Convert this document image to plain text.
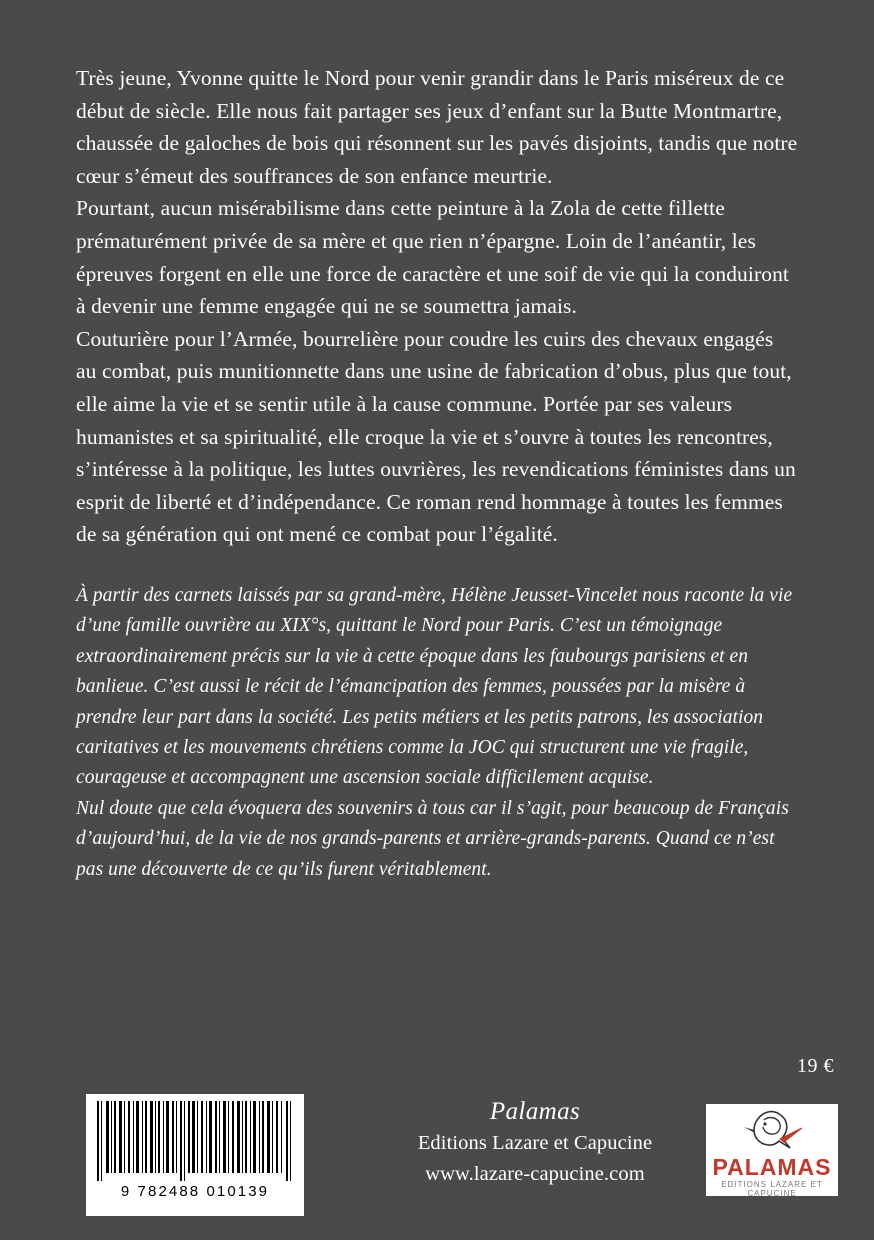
Très jeune, Yvonne quitte le Nord pour venir grandir dans le Paris miséreux de ce début de siècle. Elle nous fait partager ses jeux d’enfant sur la Butte Montmartre, chaussée de galoches de bois qui résonnent sur les pavés disjoints, tandis que notre cœur s’émeut des souffrances de son enfance meurtrie.

Pourtant, aucun misérabilisme dans cette peinture à la Zola de cette fillette prématurément privée de sa mère et que rien n’épargne. Loin de l’anéantir, les épreuves forgent en elle une force de caractère et une soif de vie qui la conduiront à devenir une femme engagée qui ne se soumettra jamais.

Couturière pour l’Armée, bourrelière pour coudre les cuirs des chevaux engagés au combat, puis munitionnette dans une usine de fabrication d’obus, plus que tout, elle aime la vie et se sentir utile à la cause commune. Portée par ses valeurs humanistes et sa spiritualité, elle croque la vie et s’ouvre à toutes les rencontres, s’intéresse à la politique, les luttes ouvrières, les revendications féministes dans un esprit de liberté et d’indépendance. Ce roman rend hommage à toutes les femmes de sa génération qui ont mené ce combat pour l’égalité.

À partir des carnets laissés par sa grand-mère, Hélène Jeusset-Vincelet nous raconte la vie d’une famille ouvrière au XIX°s, quittant le Nord pour Paris. C’est un témoignage extraordinairement précis sur la vie à cette époque dans les faubourgs parisiens et en banlieue. C’est aussi le récit de l’émancipation des femmes, poussées par la misère à prendre leur part dans la société. Les petits métiers et les petits patrons, les association caritatives et les mouvements chrétiens comme la JOC qui structurent une vie fragile, courageuse et accompagnent une ascension sociale difficilement acquise.

Nul doute que cela évoquera des souvenirs à tous car il s’agit, pour beaucoup de Français d’aujourd’hui, de la vie de nos grands-parents et arrière-grands-parents. Quand ce n’est pas une découverte de ce qu’ils furent véritablement.

19 €
9 782488 010139
Palamas
Editions Lazare et Capucine
www.lazare-capucine.com	PALAMAS
EDITIONS LAZARE ET CAPUCINE
